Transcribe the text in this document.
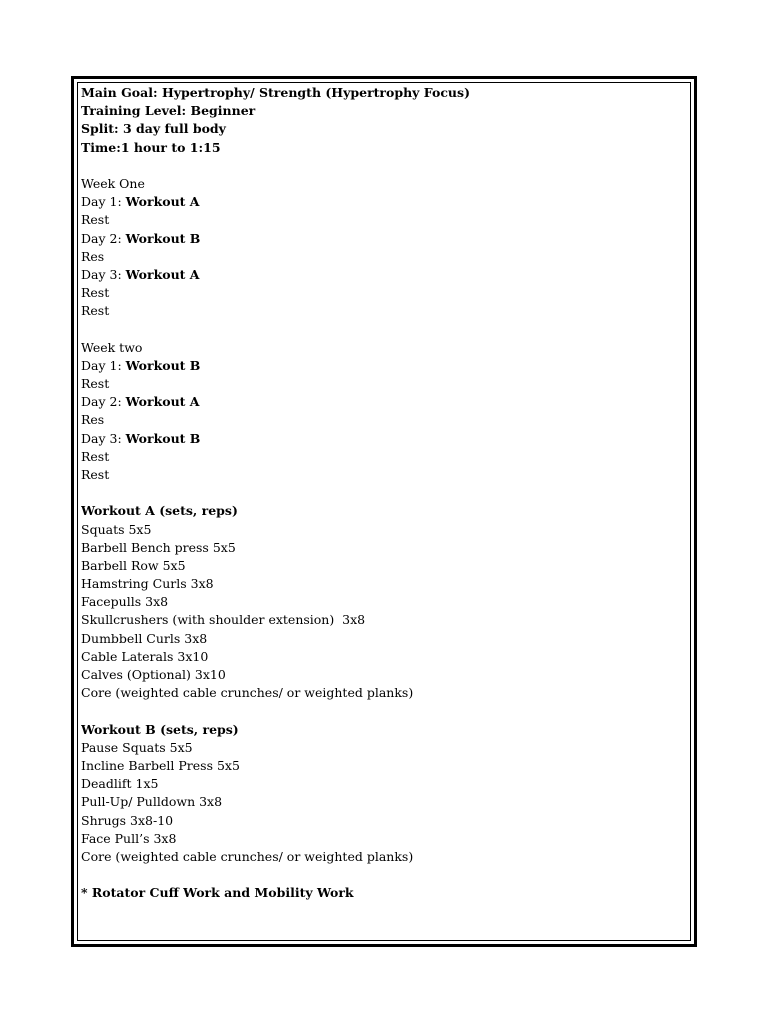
Main Goal: Hypertrophy/ Strength (Hypertrophy Focus)
Training Level: Beginner
Split: 3 day full body
Time:1 hour to 1:15
Week One
Day 1: Workout A
Rest
Day 2: Workout B
Res
Day 3: Workout A
Rest
Rest
Week two
Day 1: Workout B
Rest
Day 2: Workout A
Res
Day 3: Workout B
Rest
Rest
Workout A (sets, reps)
Squats 5x5
Barbell Bench press 5x5
Barbell Row 5x5
Hamstring Curls 3x8
Facepulls 3x8
Skullcrushers (with shoulder extension)  3x8
Dumbbell Curls 3x8
Cable Laterals 3x10
Calves (Optional) 3x10
Core (weighted cable crunches/ or weighted planks)
Workout B (sets, reps)
Pause Squats 5x5
Incline Barbell Press 5x5
Deadlift 1x5
Pull-Up/ Pulldown 3x8
Shrugs 3x8-10
Face Pull’s 3x8
Core (weighted cable crunches/ or weighted planks)
* Rotator Cuff Work and Mobility Work
